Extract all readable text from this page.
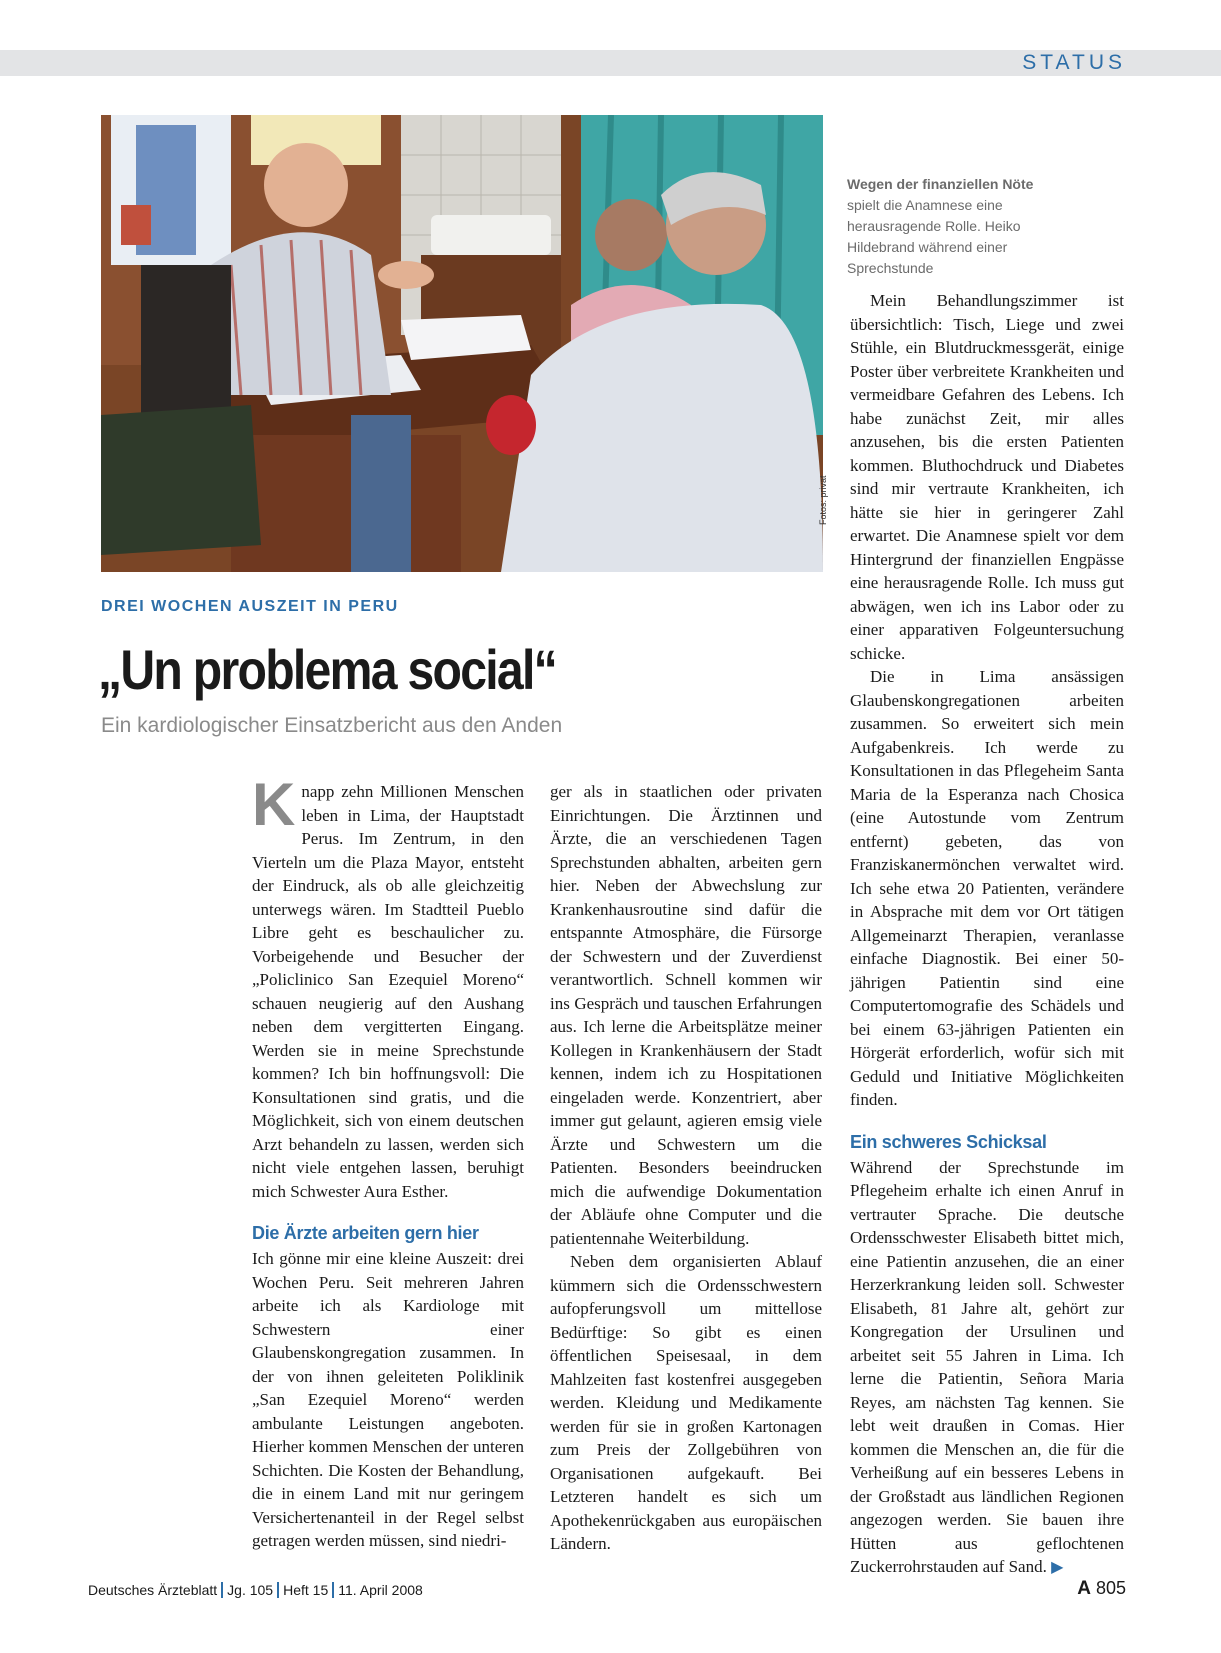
STATUS
Fotos: privat
Wegen der finanziellen Nöte
spielt die Anamnese eine herausragende Rolle. Heiko Hildebrand während einer Sprechstunde
DREI WOCHEN AUSZEIT IN PERU
„Un problema social“
Ein kardiologischer Einsatzbericht aus den Anden

Knapp zehn Millionen Menschen leben in Lima, der Hauptstadt Perus. Im Zentrum, in den Vierteln um die Plaza Mayor, entsteht der Eindruck, als ob alle gleichzeitig unterwegs wären. Im Stadtteil Pueblo Libre geht es beschaulicher zu. Vorbeigehende und Besucher der „Policlinico San Ezequiel Moreno“ schauen neugierig auf den Aushang neben dem vergitterten Eingang. Werden sie in meine Sprechstunde kommen? Ich bin hoffnungsvoll: Die Konsultationen sind gratis, und die Möglichkeit, sich von einem deutschen Arzt behandeln zu lassen, werden sich nicht viele entgehen lassen, beruhigt mich Schwester Aura Esther.

Die Ärzte arbeiten gern hier

Ich gönne mir eine kleine Auszeit: drei Wochen Peru. Seit mehreren Jahren arbeite ich als Kardiologe mit Schwestern einer Glaubenskongregation zusammen. In der von ihnen geleiteten Poliklinik „San Ezequiel Moreno“ werden ambulante Leistungen angeboten. Hierher kommen Menschen der unteren Schichten. Die Kosten der Behandlung, die in einem Land mit nur geringem Versichertenanteil in der Regel selbst getragen werden müssen, sind niedri-

ger als in staatlichen oder privaten Einrichtungen. Die Ärztinnen und Ärzte, die an verschiedenen Tagen Sprechstunden abhalten, arbeiten gern hier. Neben der Abwechslung zur Krankenhausroutine sind dafür die entspannte Atmosphäre, die Fürsorge der Schwestern und der Zuverdienst verantwortlich. Schnell kommen wir ins Gespräch und tauschen Erfahrungen aus. Ich lerne die Arbeitsplätze meiner Kollegen in Krankenhäusern der Stadt kennen, indem ich zu Hospitationen eingeladen werde. Konzentriert, aber immer gut gelaunt, agieren emsig viele Ärzte und Schwestern um die Patienten. Besonders beeindrucken mich die aufwendige Dokumentation der Abläufe ohne Computer und die patientennahe Weiterbildung.

Neben dem organisierten Ablauf kümmern sich die Ordensschwestern aufopferungsvoll um mittellose Bedürftige: So gibt es einen öffentlichen Speisesaal, in dem Mahlzeiten fast kostenfrei ausgegeben werden. Kleidung und Medikamente werden für sie in großen Kartonagen zum Preis der Zollgebühren von Organisationen aufgekauft. Bei Letzteren handelt es sich um Apothekenrückgaben aus europäischen Ländern.

Mein Behandlungszimmer ist übersichtlich: Tisch, Liege und zwei Stühle, ein Blutdruckmessgerät, einige Poster über verbreitete Krankheiten und vermeidbare Gefahren des Lebens. Ich habe zunächst Zeit, mir alles anzusehen, bis die ersten Patienten kommen. Bluthochdruck und Diabetes sind mir vertraute Krankheiten, ich hätte sie hier in geringerer Zahl erwartet. Die Anamnese spielt vor dem Hintergrund der finanziellen Engpässe eine herausragende Rolle. Ich muss gut abwägen, wen ich ins Labor oder zu einer apparativen Folgeuntersuchung schicke.

Die in Lima ansässigen Glaubenskongregationen arbeiten zusammen. So erweitert sich mein Aufgabenkreis. Ich werde zu Konsultationen in das Pflegeheim Santa Maria de la Esperanza nach Chosica (eine Autostunde vom Zentrum entfernt) gebeten, das von Franziskanermönchen verwaltet wird. Ich sehe etwa 20 Patienten, verändere in Absprache mit dem vor Ort tätigen Allgemeinarzt Therapien, veranlasse einfache Diagnostik. Bei einer 50-jährigen Patientin sind eine Computertomografie des Schädels und bei einem 63-jährigen Patienten ein Hörgerät erforderlich, wofür sich mit Geduld und Initiative Möglichkeiten finden.

Ein schweres Schicksal

Während der Sprechstunde im Pflegeheim erhalte ich einen Anruf in vertrauter Sprache. Die deutsche Ordensschwester Elisabeth bittet mich, eine Patientin anzusehen, die an einer Herzerkrankung leiden soll. Schwester Elisabeth, 81 Jahre alt, gehört zur Kongregation der Ursulinen und arbeitet seit 55 Jahren in Lima. Ich lerne die Patientin, Señora Maria Reyes, am nächsten Tag kennen. Sie lebt weit draußen in Comas. Hier kommen die Menschen an, die für die Verheißung auf ein besseres Lebens in der Großstadt aus ländlichen Regionen angezogen werden. Sie bauen ihre Hütten aus geflochtenen Zuckerrohrstauden auf Sand. ▶

Deutsches Ärzteblatt Jg. 105 Heft 15 11. April 2008	A 805
